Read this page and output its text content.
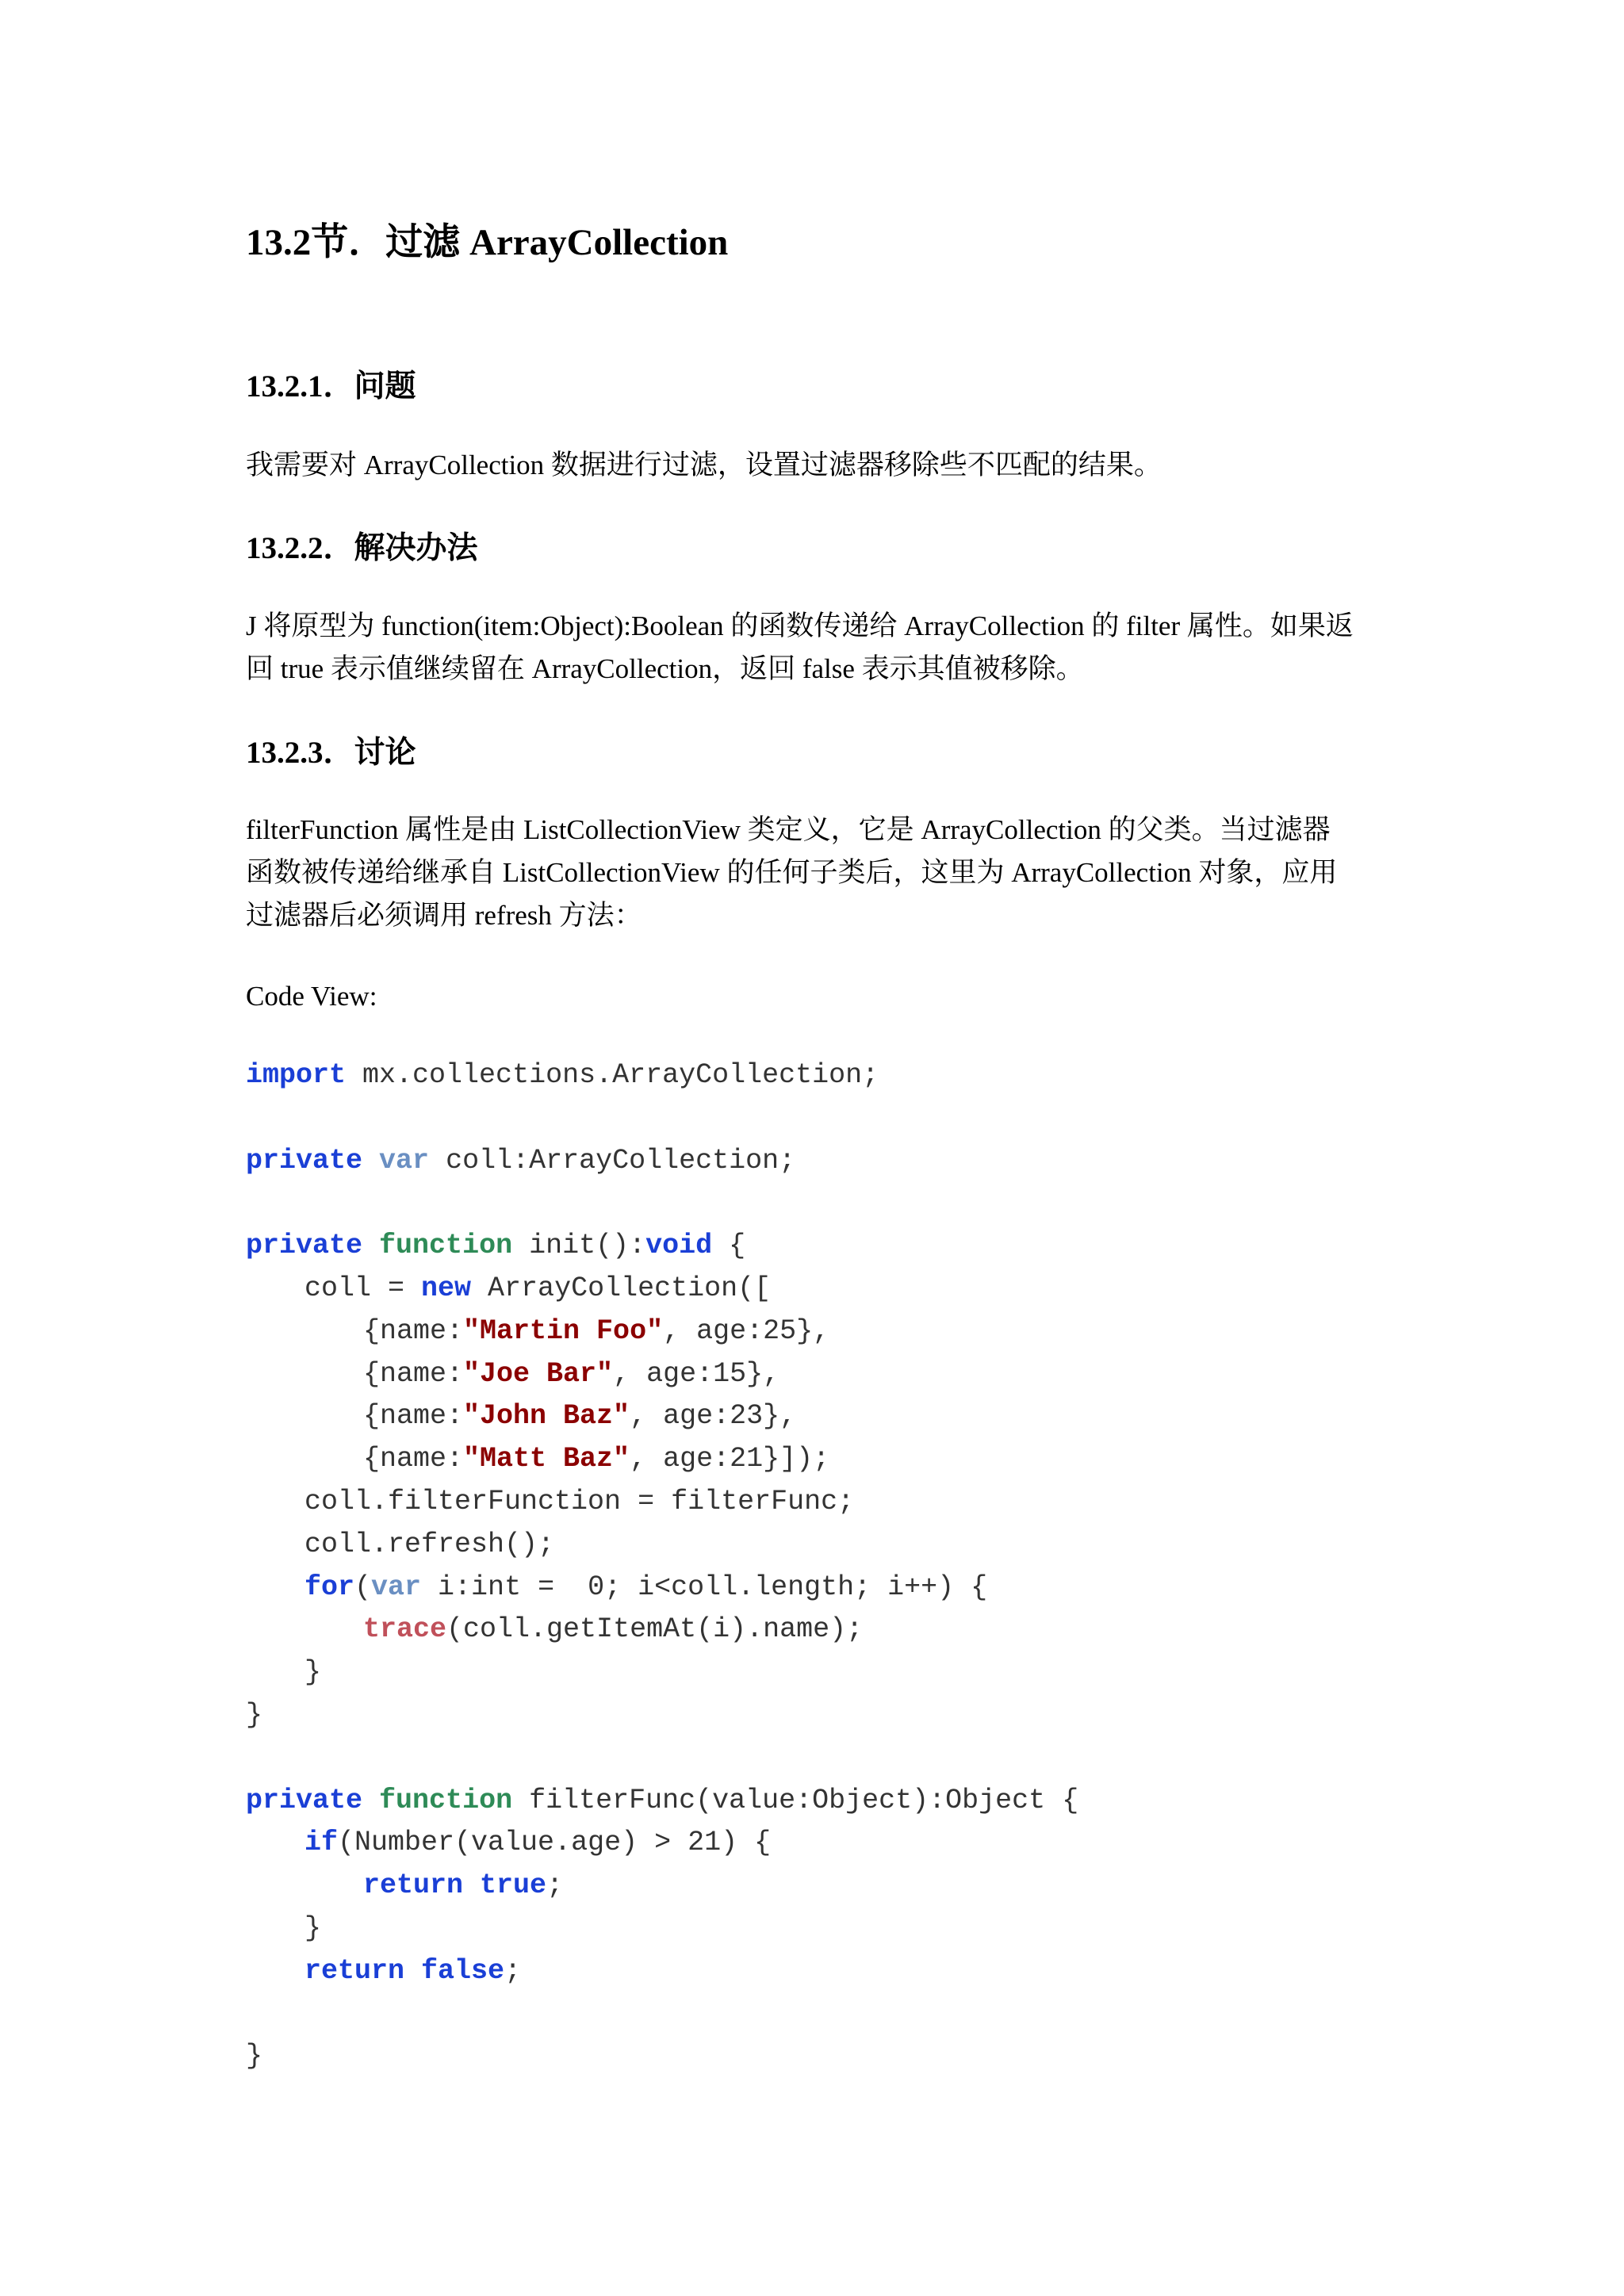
13.2节．过滤 ArrayCollection
13.2.1．问题
我需要对 ArrayCollection 数据进行过滤，设置过滤器移除些不匹配的结果。
13.2.2．解决办法
J 将原型为 function(item:Object):Boolean 的函数传递给 ArrayCollection 的 filter 属性。如果返
回 true 表示值继续留在 ArrayCollection，返回 false 表示其值被移除。
13.2.3．讨论
filterFunction 属性是由 ListCollectionView 类定义，它是 ArrayCollection 的父类。当过滤器
函数被传递给继承自 ListCollectionView 的任何子类后，这里为 ArrayCollection 对象，应用
过滤器后必须调用 refresh 方法：
Code View:
import mx.collections.ArrayCollection;
private var coll:ArrayCollection;
private function init():void {
coll = new ArrayCollection([
{name:"Martin Foo", age:25},
{name:"Joe Bar", age:15},
{name:"John Baz", age:23},
{name:"Matt Baz", age:21}]);
coll.filterFunction = filterFunc;
coll.refresh();
for(var i:int =  0; i<coll.length; i++) {
trace(coll.getItemAt(i).name);
}
}
private function filterFunc(value:Object):Object {
if(Number(value.age) > 21) {
return true;
}
return false;
}
